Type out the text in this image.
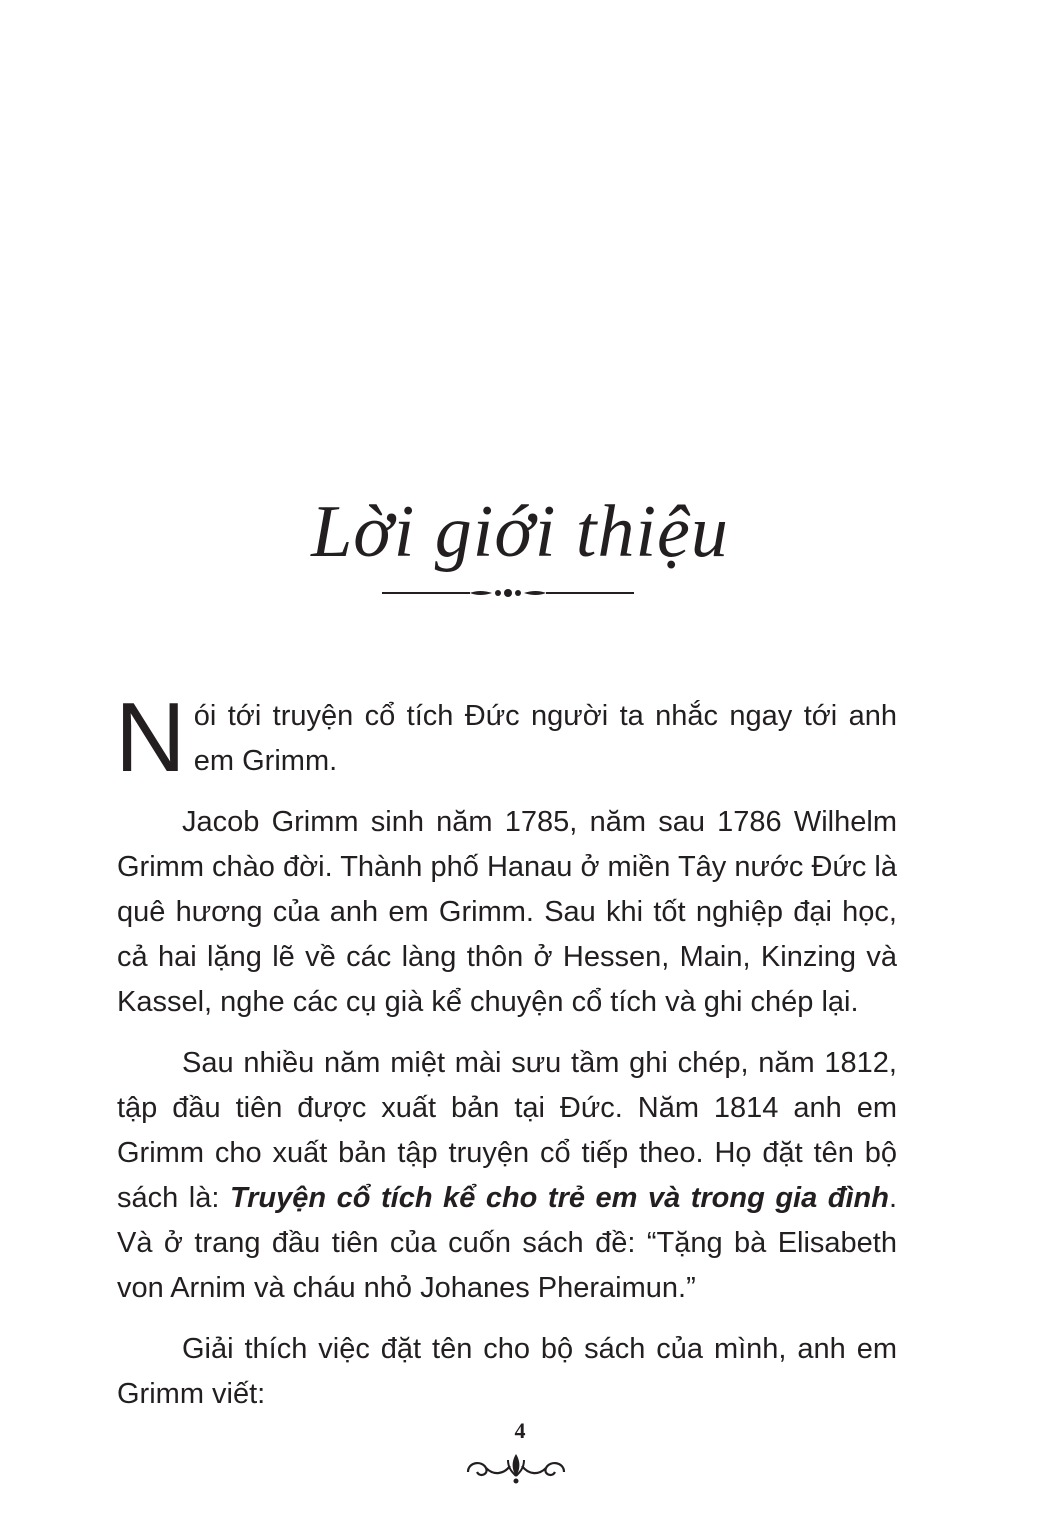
Lời giới thiệu

Nói tới truyện cổ tích Đức người ta nhắc ngay tới anh em Grimm.

Jacob Grimm sinh năm 1785, năm sau 1786 Wilhelm Grimm chào đời. Thành phố Hanau ở miền Tây nước Đức là quê hương của anh em Grimm. Sau khi tốt nghiệp đại học, cả hai lặng lẽ về các làng thôn ở Hessen, Main, Kinzing và Kassel, nghe các cụ già kể chuyện cổ tích và ghi chép lại.

Sau nhiều năm miệt mài sưu tầm ghi chép, năm 1812, tập đầu tiên được xuất bản tại Đức. Năm 1814 anh em Grimm cho xuất bản tập truyện cổ tiếp theo. Họ đặt tên bộ sách là: Truyện cổ tích kể cho trẻ em và trong gia đình. Và ở trang đầu tiên của cuốn sách đề: “Tặng bà Elisabeth von Arnim và cháu nhỏ Johanes Pheraimun.”

Giải thích việc đặt tên cho bộ sách của mình, anh em Grimm viết:

4
